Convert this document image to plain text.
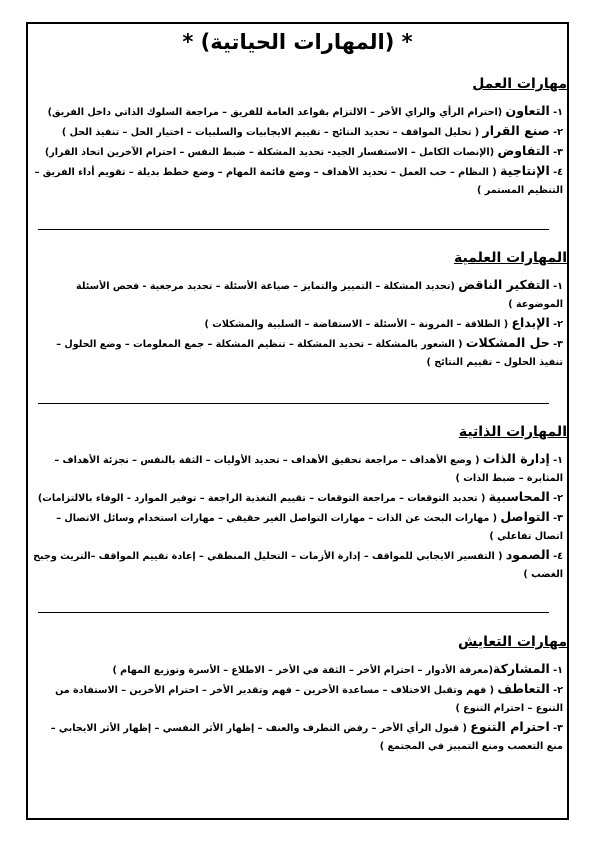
* (المهارات الحياتية) *
مهارات العمل
١- التعاون (احترام الرأي والراي الأخر – الالتزام بقواعد العامة للفريق – مراجعة السلوك الذاتي داخل الفريق)
٢- صنع القرار ( تحليل المواقف – تحديد النتائج – تقييم الايجابيات والسلبيات – اختيار الحل – تنفيذ الحل )
٣- التفاوض (الإنصات الكامل – الاستفسار الجيد- تحديد المشكلة – ضبط النفس – احترام الآخرين اتخاذ القرار)
٤- الإنتاجية ( النظام – حب العمل – تحديد الأهداف – وضع قائمة المهام – وضع خطط بديلة – تقويم أداء الفريق – التنظيم المستمر )
المهارات العلمية
١- التفكير الناقض (تحديد المشكلة – التمييز والتمايز – صياغة الأسئلة – تحديد مرجعية - فحص الأسئلة الموضوعة )
٢- الإبداع ( الطلاقة – المرونة – الأسئلة – الاستفاضة – السلبية والمشكلات )
٣- حل المشكلات ( الشعور بالمشكلة – تحديد المشكلة – تنظيم المشكلة – جمع المعلومات – وضع الحلول – تنفيذ الحلول – تقييم النتائج )
المهارات الذاتية
١- إدارة الذات ( وضع الأهداف – مراجعة تحقيق الأهداف – تحديد الأوليات – الثقة بالنفس – تجزئة الأهداف – المثابرة – ضبط الذات )
٢- المحاسبية ( تحديد التوقعات – مراجعة التوقعات – تقييم التغذية الراجعة – توفير الموارد - الوفاء بالالتزامات)
٣- التواصل ( مهارات البحث عن الذات – مهارات التواصل الغير حقيقي – مهارات استخدام وسائل الاتصال – اتصال تفاعلي )
٤- الصمود ( التفسير الايجابي للمواقف – إدارة الأزمات – التحليل المنطقي – إعادة تقييم المواقف –التريث وجبح الغضب )
مهارات التعايش
١- المشاركة(معرفة الأدوار – احترام الأخر – الثقة في الأخر – الاطلاع – الأسرة وتوزيع المهام )
٢- التعاطف ( فهم وتقبل الاختلاف – مساعدة الأخرين – فهم وتقدير الأخر – احترام الأخرين – الاستفادة من التنوع – احترام التنوع )
٣- احترام التنوع ( قبول الرأي الأخر – رفض التطرف والعنف – إظهار الأثر النفسي – إظهار الأثر الايجابي – منع التعصب ومنع التمييز في المجتمع )
